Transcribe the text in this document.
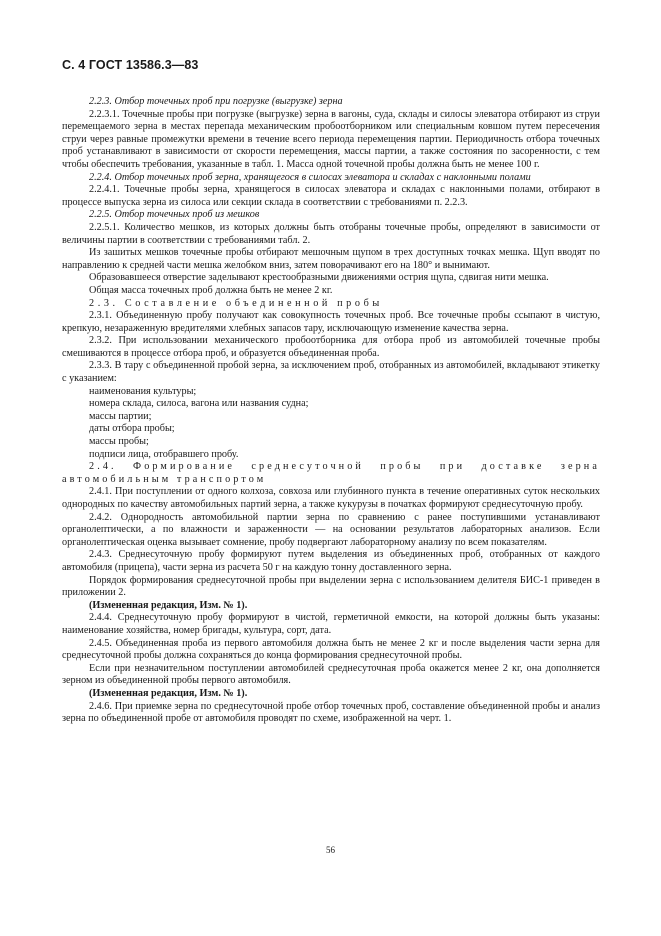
С. 4 ГОСТ 13586.3—83

2.2.3. Отбор точечных проб при погрузке (выгрузке) зерна

2.2.3.1. Точечные пробы при погрузке (выгрузке) зерна в вагоны, суда, склады и силосы элеватора отбирают из струи перемещаемого зерна в местах перепада механическим пробоотборником или специальным ковшом путем пересечения струи через равные промежутки времени в течение всего периода перемещения партии. Периодичность отбора точечных проб устанавливают в зависимости от скорости перемещения, массы партии, а также состояния по засоренности, с тем чтобы обеспечить требования, указанные в табл. 1. Масса одной точечной пробы должна быть не менее 100 г.

2.2.4. Отбор точечных проб зерна, хранящегося в силосах элеватора и складах с наклонными полами

2.2.4.1. Точечные пробы зерна, хранящегося в силосах элеватора и складах с наклонными полами, отбирают в процессе выпуска зерна из силоса или секции склада в соответствии с требованиями п. 2.2.3.

2.2.5. Отбор точечных проб из мешков

2.2.5.1. Количество мешков, из которых должны быть отобраны точечные пробы, определяют в зависимости от величины партии в соответствии с требованиями табл. 2.

Из зашитых мешков точечные пробы отбирают мешочным щупом в трех доступных точках мешка. Щуп вводят по направлению к средней части мешка желобком вниз, затем поворачивают его на 180° и вынимают.

Образовавшееся отверстие заделывают крестообразными движениями острия щупа, сдвигая нити мешка.

Общая масса точечных проб должна быть не менее 2 кг.

2.3. Составление объединенной пробы

2.3.1. Объединенную пробу получают как совокупность точечных проб. Все точечные пробы ссыпают в чистую, крепкую, незараженную вредителями хлебных запасов тару, исключающую изменение качества зерна.

2.3.2. При использовании механического пробоотборника для отбора проб из автомобилей точечные пробы смешиваются в процессе отбора проб, и образуется объединенная проба.

2.3.3. В тару с объединенной пробой зерна, за исключением проб, отобранных из автомобилей, вкладывают этикетку с указанием:

наименования культуры;
номера склада, силоса, вагона или названия судна;
массы партии;
даты отбора пробы;
массы пробы;
подписи лица, отобравшего пробу.

2.4. Формирование среднесуточной пробы при доставке зерна автомобильным транспортом

2.4.1. При поступлении от одного колхоза, совхоза или глубинного пункта в течение оперативных суток нескольких однородных по качеству автомобильных партий зерна, а также кукурузы в початках формируют среднесуточную пробу.

2.4.2. Однородность автомобильной партии зерна по сравнению с ранее поступившими устанавливают органолептически, а по влажности и зараженности — на основании результатов лабораторных анализов. Если органолептическая оценка вызывает сомнение, пробу подвергают лабораторному анализу по всем показателям.

2.4.3. Среднесуточную пробу формируют путем выделения из объединенных проб, отобранных от каждого автомобиля (прицепа), части зерна из расчета 50 г на каждую тонну доставленного зерна.

Порядок формирования среднесуточной пробы при выделении зерна с использованием делителя БИС-1 приведен в приложении 2.

(Измененная редакция, Изм. № 1).

2.4.4. Среднесуточную пробу формируют в чистой, герметичной емкости, на которой должны быть указаны: наименование хозяйства, номер бригады, культура, сорт, дата.

2.4.5. Объединенная проба из первого автомобиля должна быть не менее 2 кг и после выделения части зерна для среднесуточной пробы должна сохраняться до конца формирования среднесуточной пробы.

Если при незначительном поступлении автомобилей среднесуточная проба окажется менее 2 кг, она дополняется зерном из объединенной пробы первого автомобиля.

(Измененная редакция, Изм. № 1).

2.4.6. При приемке зерна по среднесуточной пробе отбор точечных проб, составление объединенной пробы и анализ зерна по объединенной пробе от автомобиля проводят по схеме, изображенной на черт. 1.

56
